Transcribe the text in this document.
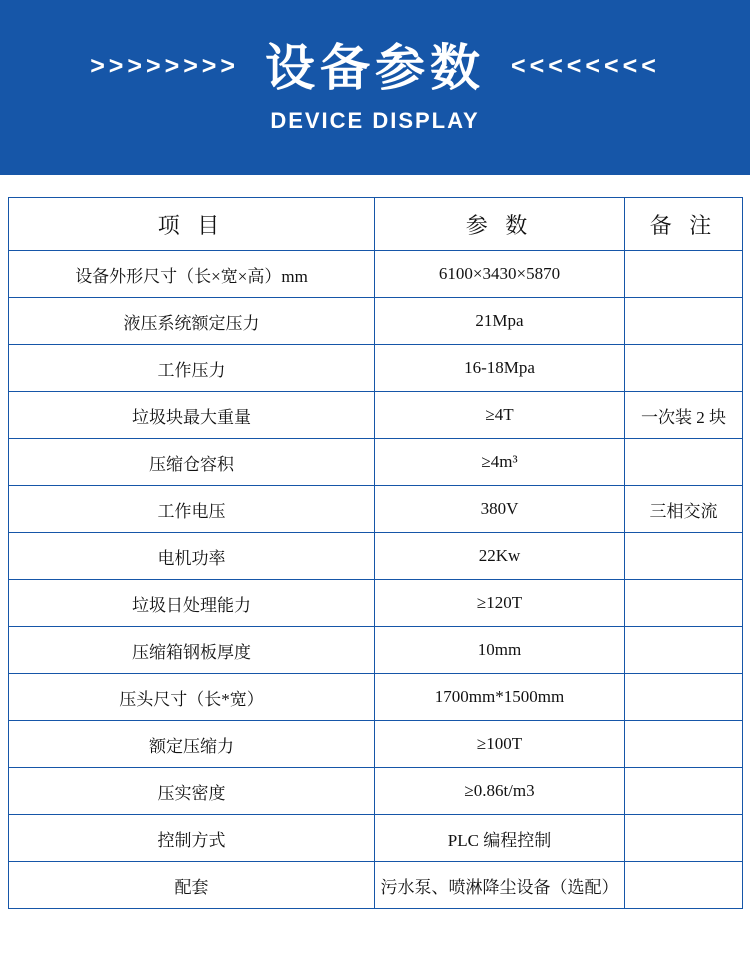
>>>>>>>> 设备参数 <<<<<<<<
DEVICE DISPLAY
项 目	参 数	备 注
设备外形尺寸（长×宽×高）mm	6100×3430×5870	
液压系统额定压力	21Mpa	
工作压力	16-18Mpa	
垃圾块最大重量	≥4T	一次装 2 块
压缩仓容积	≥4m³	
工作电压	380V	三相交流
电机功率	22Kw	
垃圾日处理能力	≥120T	
压缩箱钢板厚度	10mm	
压头尺寸（长*宽）	1700mm*1500mm	
额定压缩力	≥100T	
压实密度	≥0.86t/m3	
控制方式	PLC 编程控制	
配套	污水泵、喷淋降尘设备（选配）	
